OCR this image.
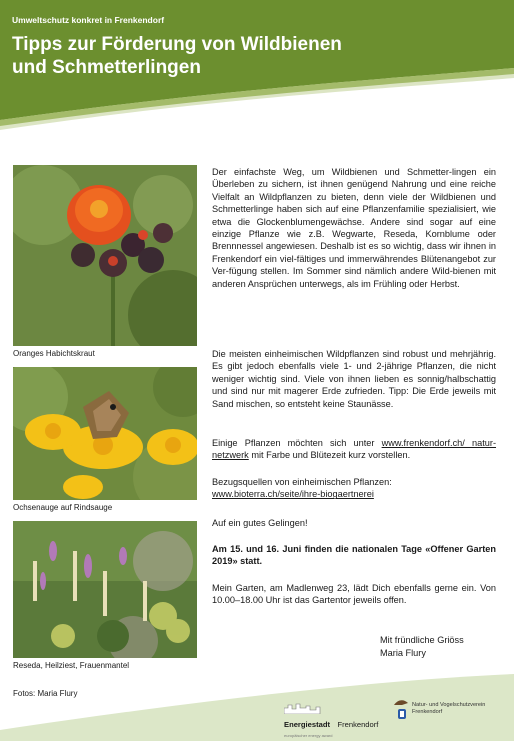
Umweltschutz konkret in Frenkendorf
Tipps zur Förderung von Wildbienen
und Schmetterlingen
Oranges Habichtskraut
Ochsenauge auf Rindsauge
Reseda, Heilziest, Frauenmantel
Fotos: Maria Flury

Der einfachste Weg, um Wildbienen und Schmetter-lingen ein Überleben zu sichern, ist ihnen genügend Nahrung und eine reiche Vielfalt an Wildpflanzen zu bieten, denn viele der Wildbienen und Schmetterlinge haben sich auf eine Pflanzenfamilie spezialisiert, wie etwa die Glockenblumengewächse. Andere sind sogar auf eine einzige Pflanze wie z.B. Wegwarte, Reseda, Kornblume oder Brennnessel angewiesen. Deshalb ist es so wichtig, dass wir ihnen in Frenkendorf ein viel-fältiges und immerwährendes Blütenangebot zur Ver-fügung stellen. Im Sommer sind nämlich andere Wild-bienen mit anderen Ansprüchen unterwegs, als im Frühling oder Herbst.

Die meisten einheimischen Wildpflanzen sind robust und mehrjährig. Es gibt jedoch ebenfalls viele 1- und 2-jährige Pflanzen, die nicht weniger wichtig sind. Viele von ihnen lieben es sonnig/halbschattig und sind nur mit magerer Erde zufrieden. Tipp: Die Erde jeweils mit Sand mischen, so entsteht keine Staunässe.

Einige Pflanzen möchten sich unter www.frenkendorf.ch/ natur-netzwerk mit Farbe und Blütezeit kurz vorstellen.

Bezugsquellen von einheimischen Pflanzen:
www.bioterra.ch/seite/ihre-biogaertnerei

Auf ein gutes Gelingen!

Am 15. und 16. Juni finden die nationalen Tage «Offener Garten 2019» statt.

Mein Garten, am Madlenweg 23, lädt Dich ebenfalls gerne ein. Von 10.00–18.00 Uhr ist das Gartentor jeweils offen.

Mit fründliche Griöss
Maria Flury
Energiestadt Frenkendorf
europäischer energy award
Natur- und Vogelschutzverein
Frenkendorf
